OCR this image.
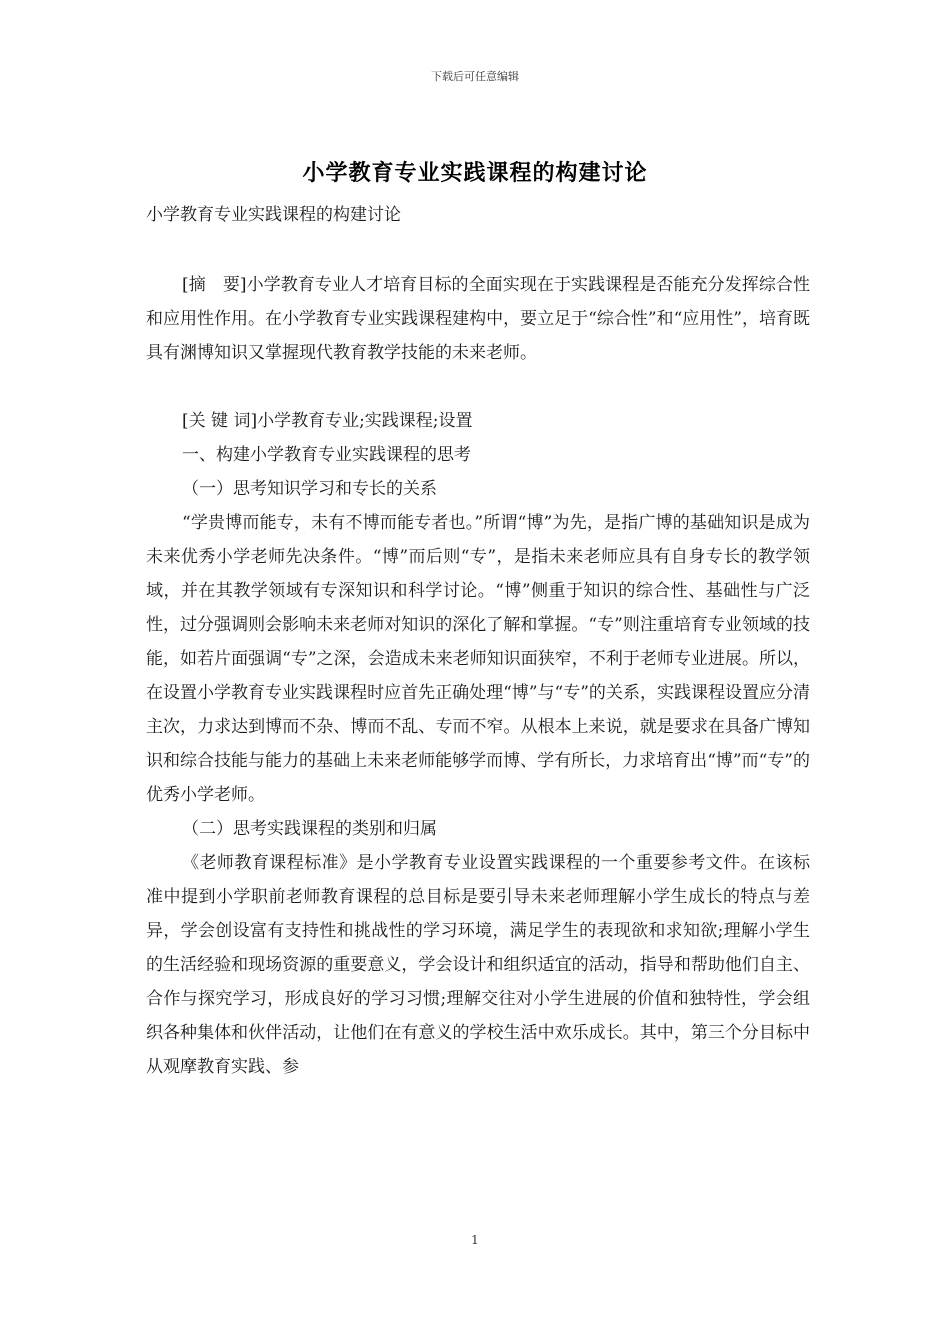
下载后可任意编辑
小学教育专业实践课程的构建讨论

小学教育专业实践课程的构建讨论

[摘　要]小学教育专业人才培育目标的全面实现在于实践课程是否能充分发挥综合性和应用性作用。在小学教育专业实践课程建构中，要立足于“综合性”和“应用性”，培育既具有渊博知识又掌握现代教育教学技能的未来老师。

[关 键 词]小学教育专业;实践课程;设置

一、构建小学教育专业实践课程的思考

（一）思考知识学习和专长的关系

“学贵博而能专，未有不博而能专者也。”所谓“博”为先，是指广博的基础知识是成为未来优秀小学老师先决条件。“博”而后则“专”，是指未来老师应具有自身专长的教学领域，并在其教学领域有专深知识和科学讨论。“博”侧重于知识的综合性、基础性与广泛性，过分强调则会影响未来老师对知识的深化了解和掌握。“专”则注重培育专业领域的技能，如若片面强调“专”之深，会造成未来老师知识面狭窄，不利于老师专业进展。所以，在设置小学教育专业实践课程时应首先正确处理“博”与“专”的关系，实践课程设置应分清主次，力求达到博而不杂、博而不乱、专而不窄。从根本上来说，就是要求在具备广博知识和综合技能与能力的基础上未来老师能够学而博、学有所长，力求培育出“博”而“专”的优秀小学老师。

（二）思考实践课程的类别和归属

《老师教育课程标准》是小学教育专业设置实践课程的一个重要参考文件。在该标准中提到小学职前老师教育课程的总目标是要引导未来老师理解小学生成长的特点与差异，学会创设富有支持性和挑战性的学习环境，满足学生的表现欲和求知欲;理解小学生的生活经验和现场资源的重要意义，学会设计和组织适宜的活动，指导和帮助他们自主、合作与探究学习，形成良好的学习习惯;理解交往对小学生进展的价值和独特性，学会组织各种集体和伙伴活动，让他们在有意义的学校生活中欢乐成长。其中，第三个分目标中从观摩教育实践、参

1
